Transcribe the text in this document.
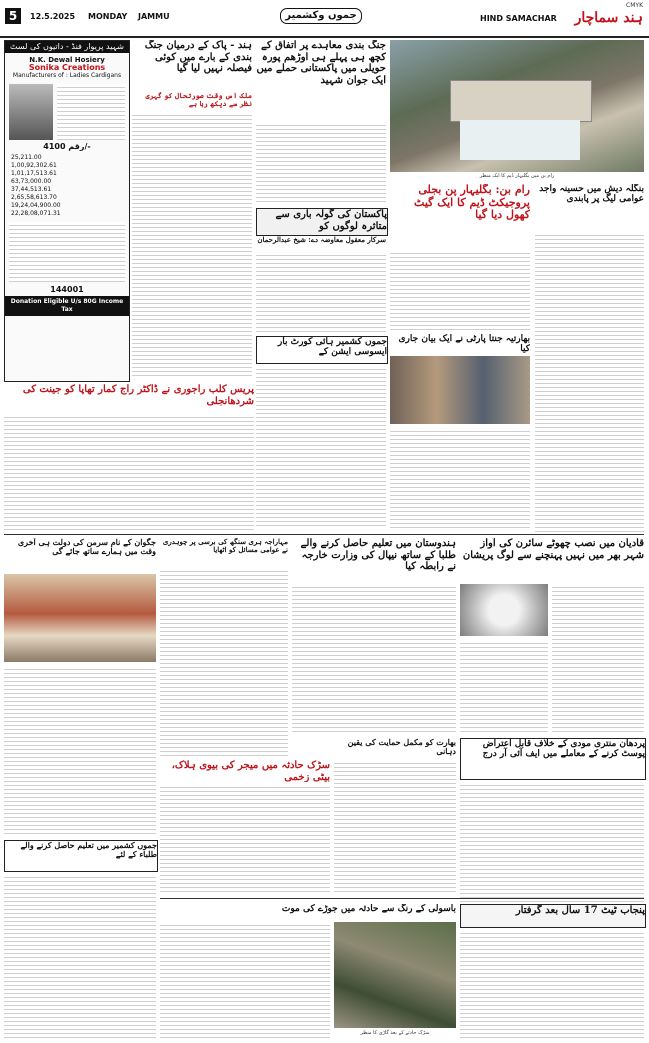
5	12.5.2025 MONDAY JAMMU	جموں وکشمیر	HIND SAMACHAR ہند سماچار
CMYK
شہید پریوار فنڈ - داتیوں کی لسٹ
N.K. Dewal Hosiery
Sonika Creations
Manufacturers of : Ladies Cardigans
رقم 4100/-
25,211.00
1,00,92,302.61
1,01,17,513.61
63,73,000.00
37,44,513.61
2,65,58,613.70
19,24,04,900.00
22,28,08,071.31
144001
Donation Eligible U/s 80G Income Tax
ہند - پاک کے درمیان جنگ بندی کے بارے میں کوئی فیصلہ نہیں لیا گیا
ملک اس وقت صورتحال کو گہری نظر سے دیکھ رہا ہے
جنگ بندی معاہدے پر اتفاق کے کچھ ہی پہلے ہی اوڑھم پورہ حویلی میں پاکستانی حملے میں ایک جوان شہید
رام بن میں بگلیہار ڈیم کا ایک منظر
رام بن: بگلیہار پن بجلی پروجیکٹ ڈیم کا ایک گیٹ کھول دیا گیا
بنگلہ دیش میں حسینہ واجد عوامی لیگ پر پابندی
پاکستان کی گولہ باری سے متاثرہ لوگوں کو
سرکار معقول معاوضہ دے: شیخ عبدالرحمان
بھارتیہ جنتا پارٹی نے ایک بیان جاری کیا
جموں کشمیر ہائی کورٹ بار ایسوسی ایشن کے
پریس کلب راجوری نے ڈاکٹر راج کمار تھاپا کو جینت کی شردھانجلی
قادیان میں نصب چھوٹے سائرن کی آواز شہر بھر میں نہیں پہنچنے سے لوگ پریشان
ہندوستان میں تعلیم حاصل کرنے والے طلبا کے ساتھ نیپال کی وزارت خارجہ نے رابطہ کیا
مہاراجہ ہری سنگھ کی برسی پر چوہدری نے عوامی مسائل کو اٹھایا
جگوان کے نام سرمن کی دولت ہی آخری وقت میں ہمارے ساتھ جائے گی
پردھان منتری مودی کے خلاف قابل اعتراض پوسٹ کرنے کے معاملے میں ایف آئی آر درج
سڑک حادثہ میں میجر کی بیوی ہلاک، بیٹی زخمی
بھارت کو مکمل حمایت کی یقین دہانی
جموں کشمیر میں تعلیم حاصل کرنے والے طلباء کے لئے
پنجاب ٹیٹ 17 سال بعد گرفتار
باسولی کے رنگ سے حادثہ میں جوڑے کی موت
سڑک حادثے کے بعد گاڑی کا منظر
